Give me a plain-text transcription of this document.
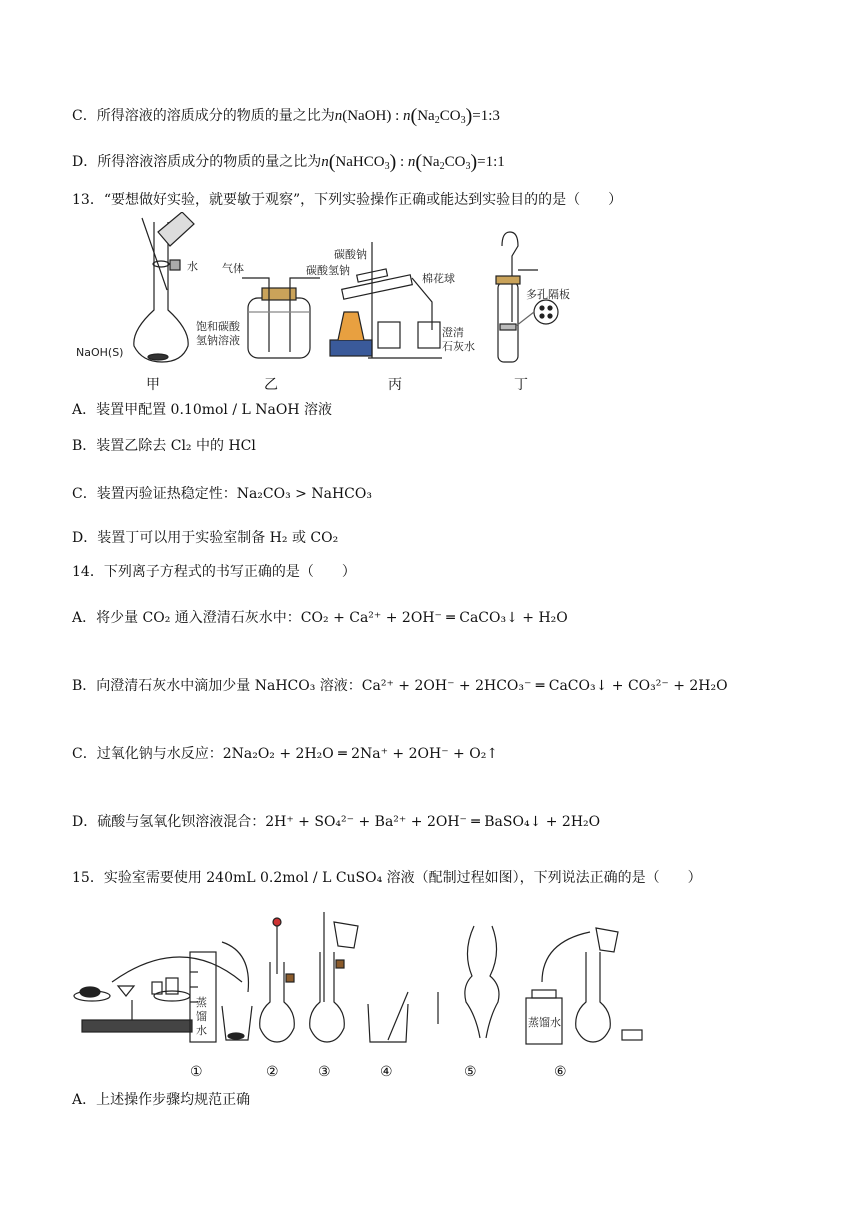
C．所得溶液的溶质成分的物质的量之比为n(NaOH) : $n(Na_2CO_3)=1:3$
D．所得溶液溶质成分的物质的量之比为n(NaHCO$_3$) : $n(Na_2CO_3)=1:1$
13．“要想做好实验，就要敏于观察”，下列实验操作正确或能达到实验目的的是（　　）
水
NaOH(S)
气体
饱和碳酸
氢钠溶液
碳酸钠
碳酸氢钠
棉花球
澄清
石灰水
多孔隔板
甲	乙	丙	丁
A．装置甲配置 0.10mol / L NaOH 溶液
B．装置乙除去 Cl₂ 中的 HCl
C．装置丙验证热稳定性：Na₂CO₃ > NaHCO₃
D．装置丁可以用于实验室制备 H₂ 或 CO₂
14．下列离子方程式的书写正确的是（　　）
A．将少量 CO₂ 通入澄清石灰水中：CO₂ + Ca²⁺ + 2OH⁻ ═ CaCO₃↓ + H₂O
B．向澄清石灰水中滴加少量 NaHCO₃ 溶液：Ca²⁺ + 2OH⁻ + 2HCO₃⁻ ═ CaCO₃↓ + CO₃²⁻ + 2H₂O
C．过氧化钠与水反应：2Na₂O₂ + 2H₂O ═ 2Na⁺ + 2OH⁻ + O₂↑
D．硫酸与氢氧化钡溶液混合：2H⁺ + SO₄²⁻ + Ba²⁺ + 2OH⁻ ═ BaSO₄↓ + 2H₂O
15．实验室需要使用 240mL 0.2mol / L CuSO₄ 溶液（配制过程如图），下列说法正确的是（　　）
蒸
馏
水
蒸馏水
①	②	③	④	⑤	⑥
A．上述操作步骤均规范正确
